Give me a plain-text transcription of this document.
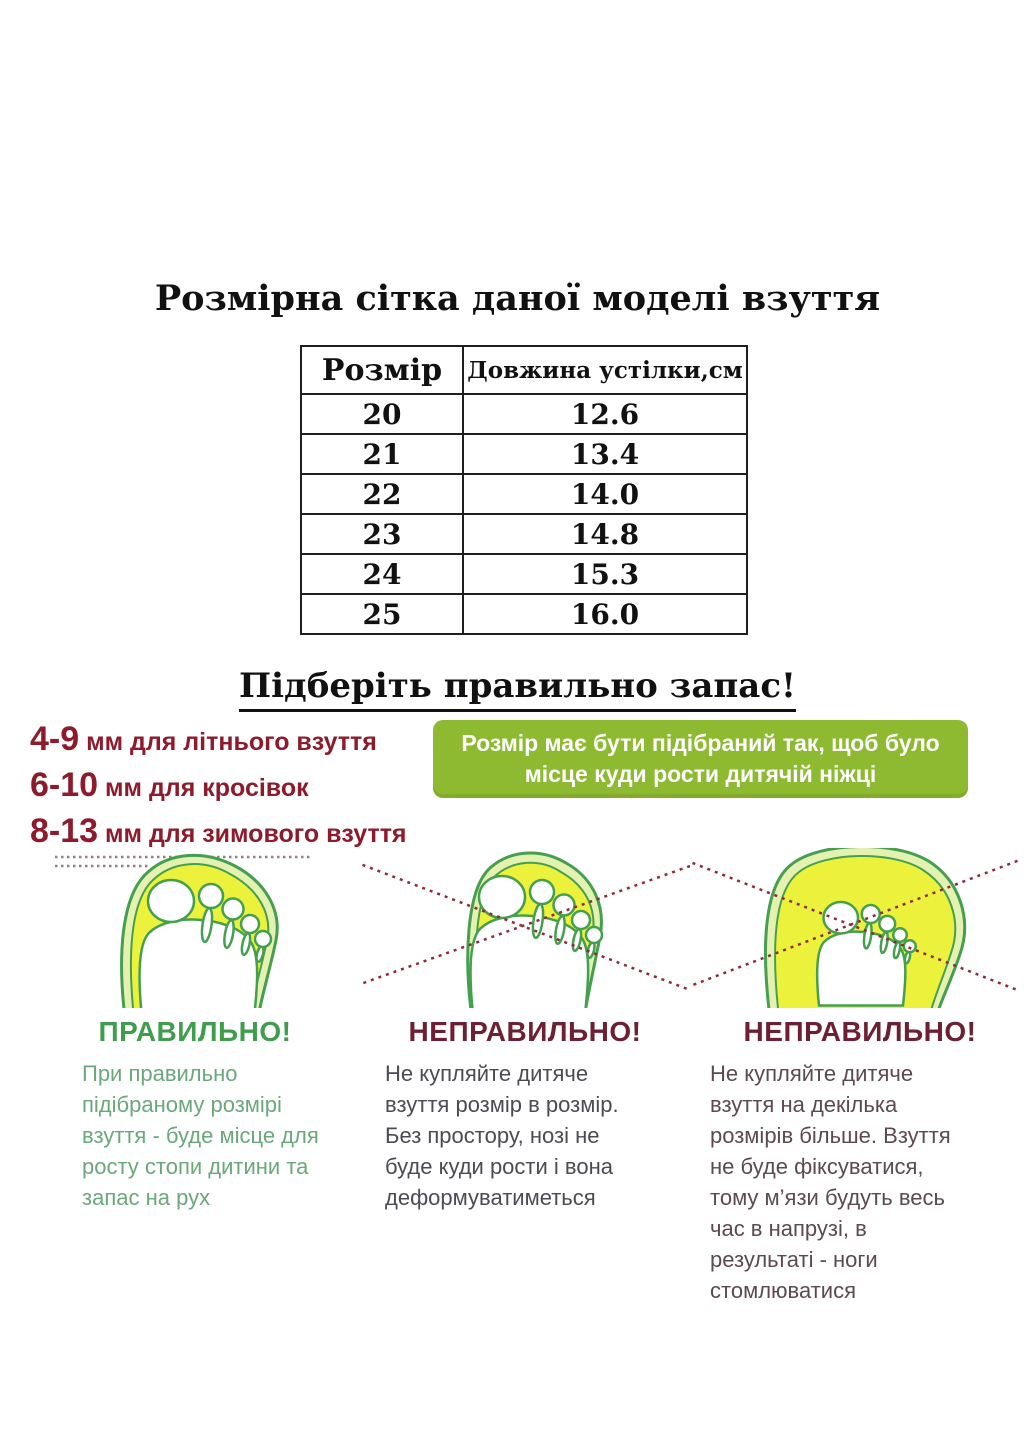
Розмірна сітка даної моделі взуття
Розмір	Довжина устілки,см
20	12.6
21	13.4
22	14.0
23	14.8
24	15.3
25	16.0
Підберіть правильно запас!
4-9 мм для літнього взуття
6-10 мм для кросівок
8-13 мм для зимового взуття
Розмір має бути підібраний так, щоб було місце куди рости дитячій ніжці
ПРАВИЛЬНО!
При правильно підібраному розмірі взуття - буде місце для росту стопи дитини та запас на рух
НЕПРАВИЛЬНО!
Не купляйте дитяче взуття розмір в розмір. Без простору, нозі не буде куди рости і вона деформуватиметься
НЕПРАВИЛЬНО!
Не купляйте дитяче взуття на декілька розмірів більше. Взуття не буде фіксуватися, тому м’язи будуть весь час в напрузі, в результаті - ноги стомлюватися
